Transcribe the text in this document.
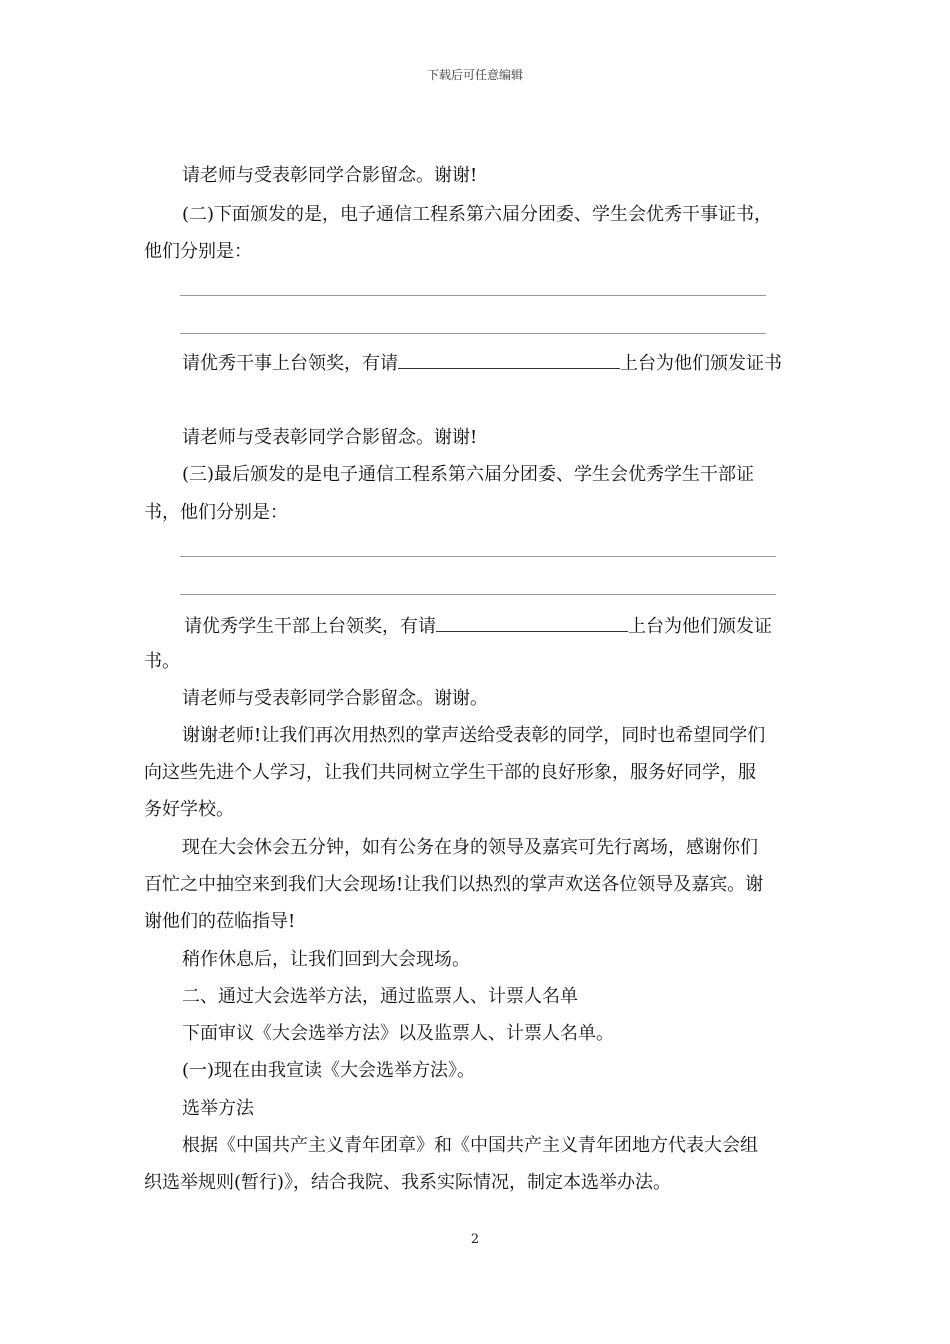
下载后可任意编辑
请老师与受表彰同学合影留念。谢谢!
(二)下面颁发的是，电子通信工程系第六届分团委、学生会优秀干事证书，
他们分别是：
请优秀干事上台领奖，有请	上台为他们颁发证书
请老师与受表彰同学合影留念。谢谢!
(三)最后颁发的是电子通信工程系第六届分团委、学生会优秀学生干部证
书，他们分别是：
请优秀学生干部上台领奖，有请	上台为他们颁发证
书。
请老师与受表彰同学合影留念。谢谢。
谢谢老师!让我们再次用热烈的掌声送给受表彰的同学，同时也希望同学们
向这些先进个人学习，让我们共同树立学生干部的良好形象，服务好同学，服
务好学校。
现在大会休会五分钟，如有公务在身的领导及嘉宾可先行离场，感谢你们
百忙之中抽空来到我们大会现场!让我们以热烈的掌声欢送各位领导及嘉宾。谢
谢他们的莅临指导!
稍作休息后，让我们回到大会现场。
二、通过大会选举方法，通过监票人、计票人名单
下面审议《大会选举方法》以及监票人、计票人名单。
(一)现在由我宣读《大会选举方法》。
选举方法
根据《中国共产主义青年团章》和《中国共产主义青年团地方代表大会组
织选举规则(暂行)》，结合我院、我系实际情况，制定本选举办法。
2
